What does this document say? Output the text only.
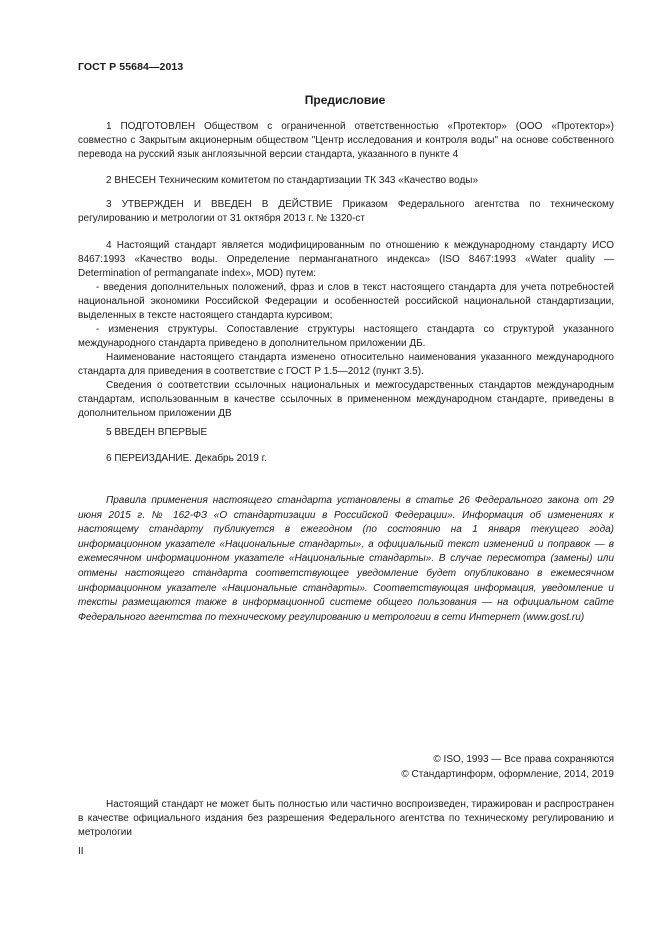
ГОСТ Р 55684—2013
Предисловие

1 ПОДГОТОВЛЕН Обществом с ограниченной ответственностью «Протектор» (ООО «Протектор») совместно с Закрытым акционерным обществом "Центр исследования и контроля воды" на основе собственного перевода на русский язык англоязычной версии стандарта, указанного в пункте 4

2 ВНЕСЕН Техническим комитетом по стандартизации ТК 343 «Качество воды»

3 УТВЕРЖДЕН И ВВЕДЕН В ДЕЙСТВИЕ Приказом Федерального агентства по техническому регулированию и метрологии от 31 октября 2013 г. № 1320-ст

4 Настоящий стандарт является модифицированным по отношению к международному стандарту ИСО 8467:1993 «Качество воды. Определение перманганатного индекса» (ISO 8467:1993 «Water quality — Determination of permanganate index», MOD) путем:

- введения дополнительных положений, фраз и слов в текст настоящего стандарта для учета потребностей национальной экономики Российской Федерации и особенностей российской национальной стандартизации, выделенных в тексте настоящего стандарта курсивом;

- изменения структуры. Сопоставление структуры настоящего стандарта со структурой указанного международного стандарта приведено в дополнительном приложении ДБ.

Наименование настоящего стандарта изменено относительно наименования указанного международного стандарта для приведения в соответствие с ГОСТ Р 1.5—2012 (пункт 3.5).

Сведения о соответствии ссылочных национальных и межгосударственных стандартов международным стандартам, использованным в качестве ссылочных в примененном международном стандарте, приведены в дополнительном приложении ДВ

5 ВВЕДЕН ВПЕРВЫЕ
6 ПЕРЕИЗДАНИЕ. Декабрь 2019 г.

Правила применения настоящего стандарта установлены в статье 26 Федерального закона от 29 июня 2015 г. № 162-ФЗ «О стандартизации в Российской Федерации». Информация об изменениях к настоящему стандарту публикуется в ежегодном (по состоянию на 1 января текущего года) информационном указателе «Национальные стандарты», а официальный текст изменений и поправок — в ежемесячном информационном указателе «Национальные стандарты». В случае пересмотра (замены) или отмены настоящего стандарта соответствующее уведомление будет опубликовано в ежемесячном информационном указателе «Национальные стандарты». Соответствующая информация, уведомление и тексты размещаются также в информационной системе общего пользования — на официальном сайте Федерального агентства по техническому регулированию и метрологии в сети Интернет (www.gost.ru)

© ISO, 1993 — Все права сохраняются
© Стандартинформ, оформление, 2014, 2019

Настоящий стандарт не может быть полностью или частично воспроизведен, тиражирован и распространен в качестве официального издания без разрешения Федерального агентства по техническому регулированию и метрологии

II
